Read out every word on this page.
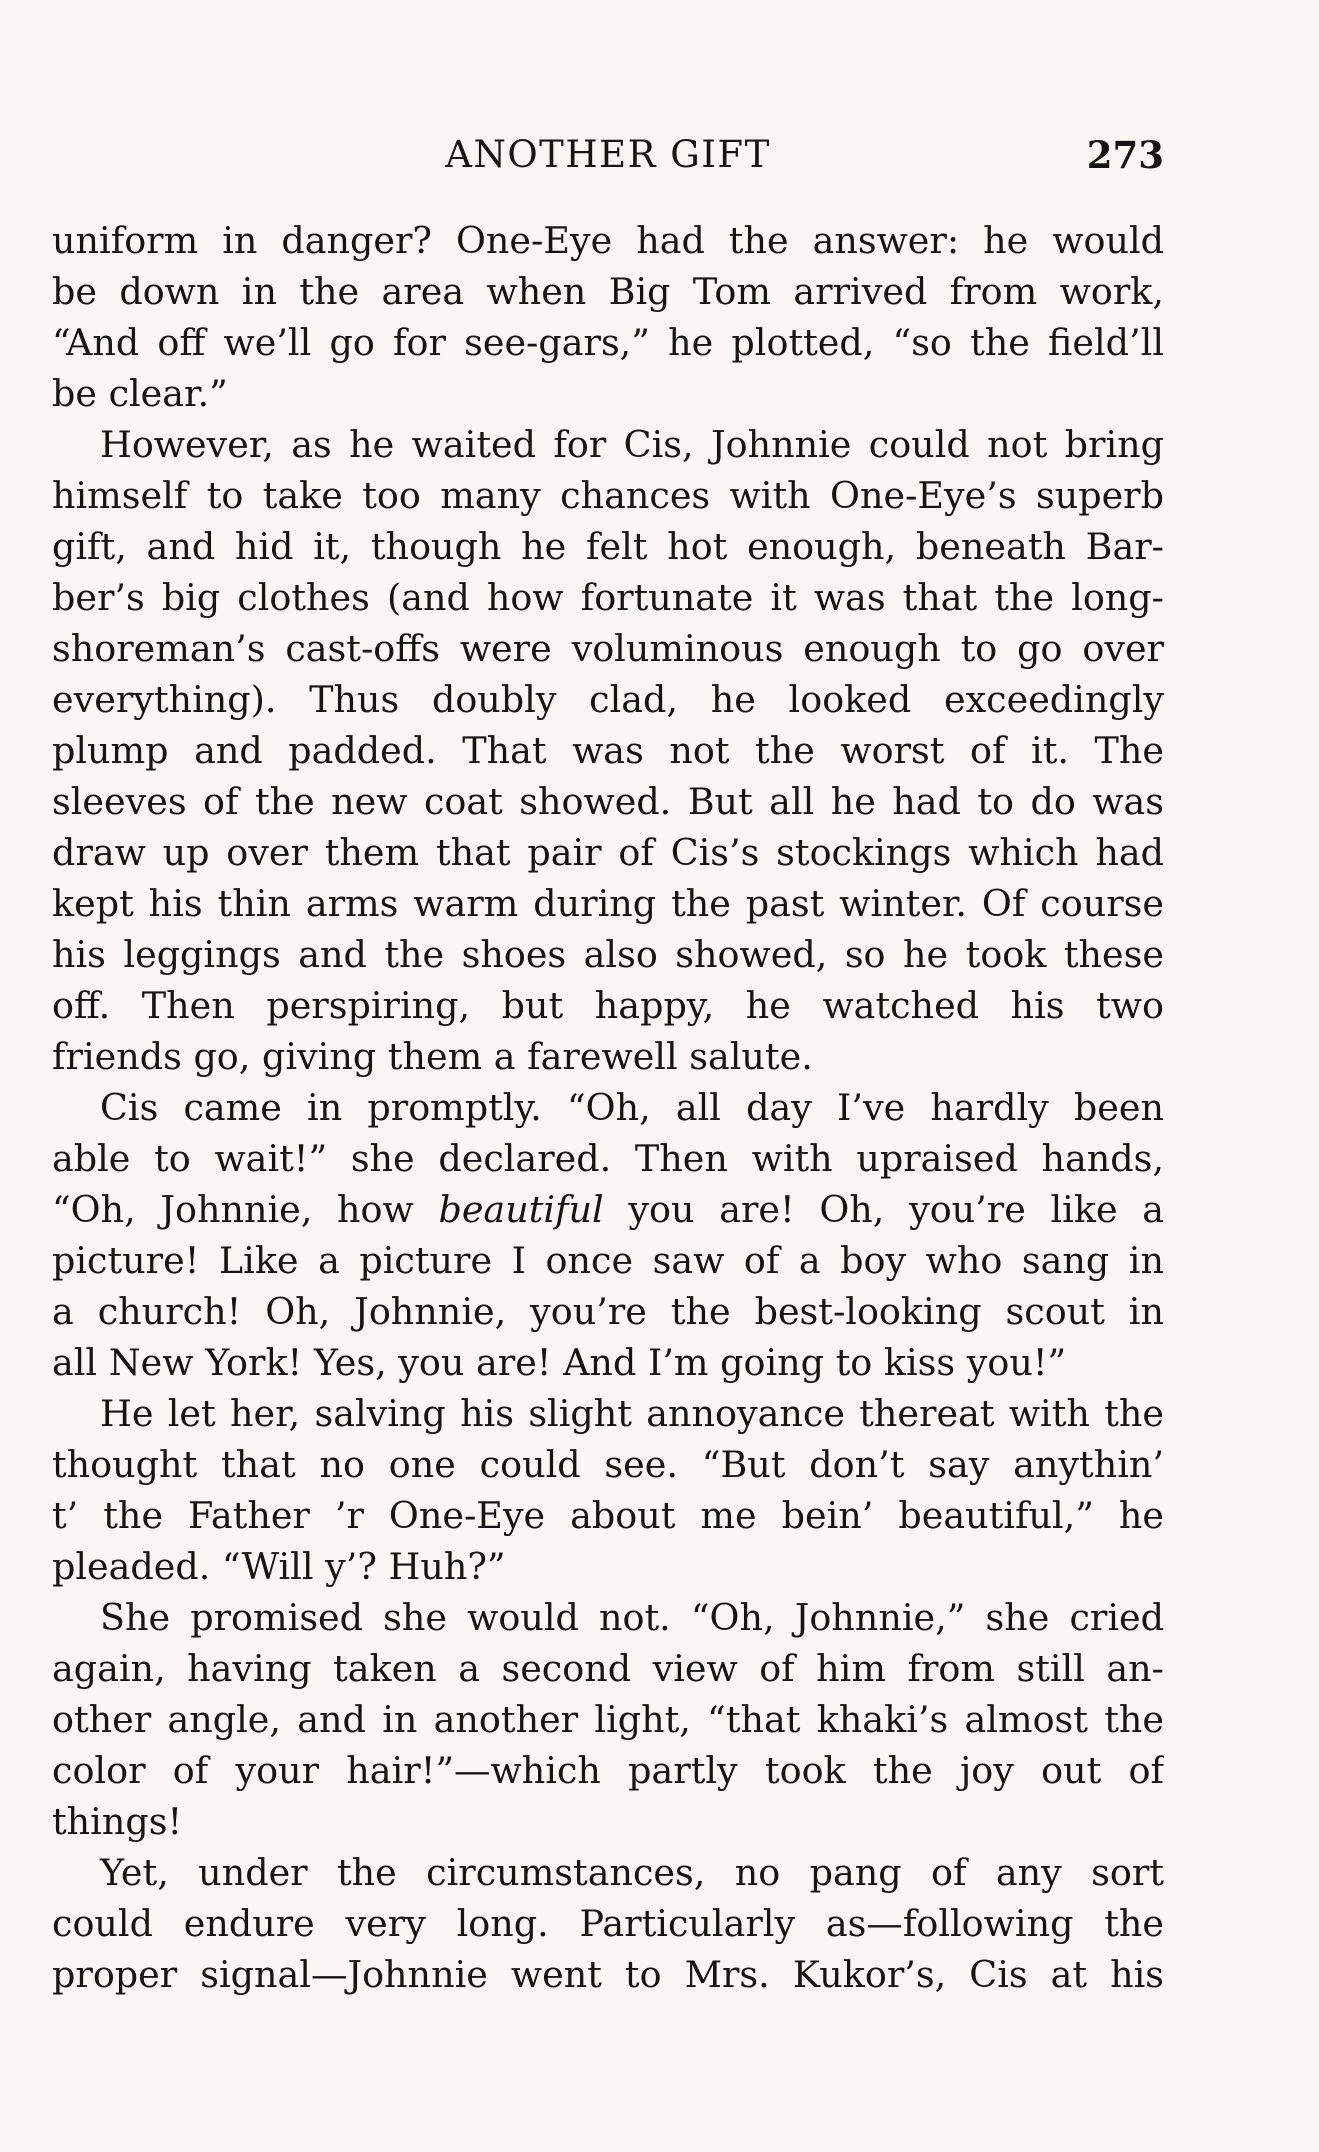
ANOTHER GIFT	273
uniform in danger? One-Eye had the answer: he would
be down in the area when Big Tom arrived from work,
“And off we’ll go for see-gars,” he plotted, “so the field’ll
be clear.”
However, as he waited for Cis, Johnnie could not bring
himself to take too many chances with One-Eye’s superb
gift, and hid it, though he felt hot enough, beneath Bar-
ber’s big clothes (and how fortunate it was that the long-
shoreman’s cast-offs were voluminous enough to go over
everything). Thus doubly clad, he looked exceedingly
plump and padded. That was not the worst of it. The
sleeves of the new coat showed. But all he had to do was
draw up over them that pair of Cis’s stockings which had
kept his thin arms warm during the past winter. Of course
his leggings and the shoes also showed, so he took these
off. Then perspiring, but happy, he watched his two
friends go, giving them a farewell salute.
Cis came in promptly. “Oh, all day I’ve hardly been
able to wait!” she declared. Then with upraised hands,
“Oh, Johnnie, how beautiful you are! Oh, you’re like a
picture! Like a picture I once saw of a boy who sang in
a church! Oh, Johnnie, you’re the best-looking scout in
all New York! Yes, you are! And I’m going to kiss you!”
He let her, salving his slight annoyance thereat with the
thought that no one could see. “But don’t say anythin’
t’ the Father ’r One-Eye about me bein’ beautiful,” he
pleaded. “Will y’? Huh?”
She promised she would not. “Oh, Johnnie,” she cried
again, having taken a second view of him from still an-
other angle, and in another light, “that khaki’s almost the
color of your hair!”—which partly took the joy out of
things!
Yet, under the circumstances, no pang of any sort
could endure very long. Particularly as—following the
proper signal—Johnnie went to Mrs. Kukor’s, Cis at his
